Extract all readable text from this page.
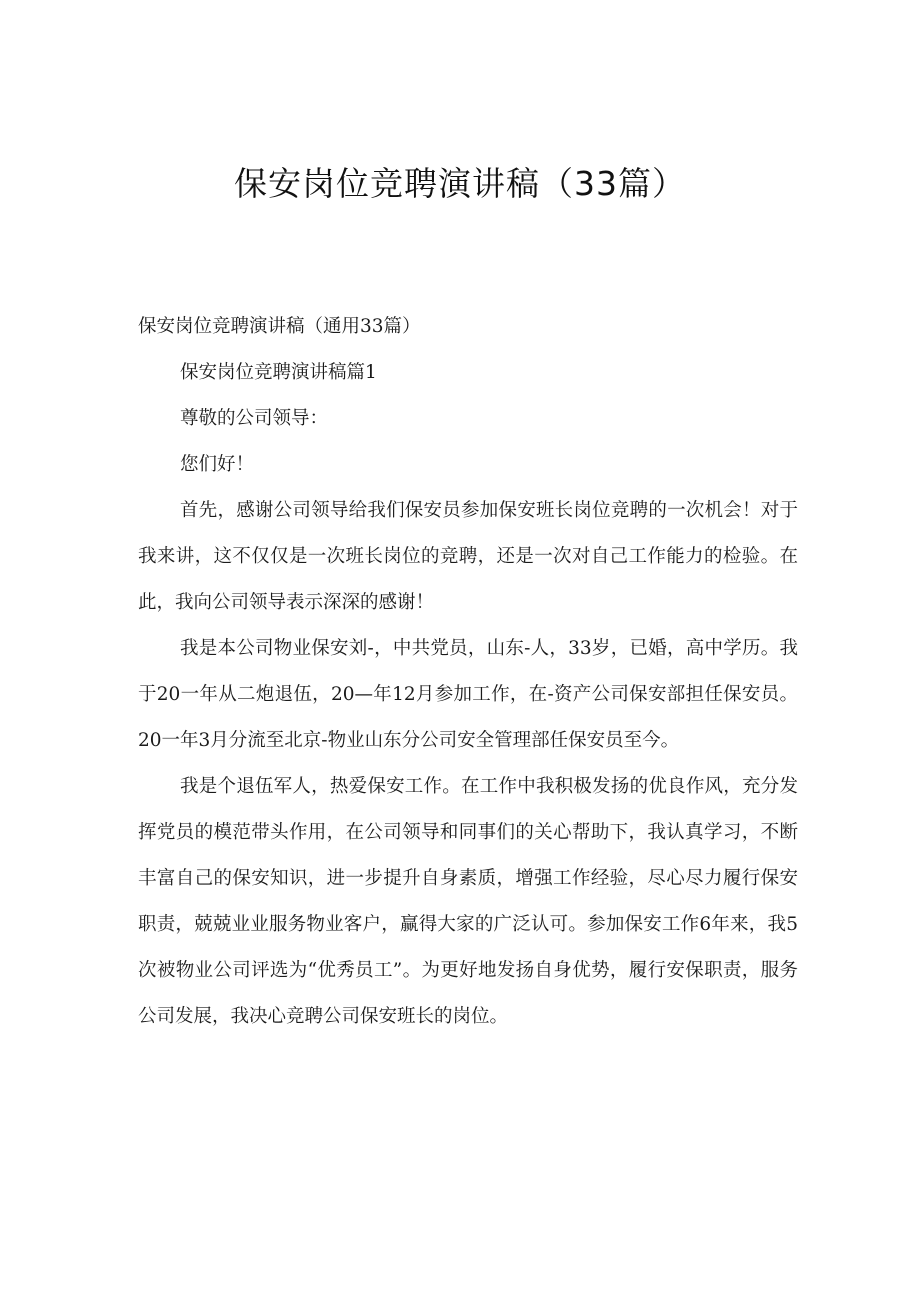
保安岗位竞聘演讲稿（33篇）

保安岗位竞聘演讲稿（通用33篇）

保安岗位竞聘演讲稿篇1

尊敬的公司领导：

您们好！

首先，感谢公司领导给我们保安员参加保安班长岗位竞聘的一次机会！对于我来讲，这不仅仅是一次班长岗位的竞聘，还是一次对自己工作能力的检验。在此，我向公司领导表示深深的感谢！

我是本公司物业保安刘-，中共党员，山东-人，33岁，已婚，高中学历。我于20一年从二炮退伍，20—年12月参加工作，在-资产公司保安部担任保安员。20一年3月分流至北京-物业山东分公司安全管理部任保安员至今。

我是个退伍军人，热爱保安工作。在工作中我积极发扬的优良作风，充分发挥党员的模范带头作用，在公司领导和同事们的关心帮助下，我认真学习，不断丰富自己的保安知识，进一步提升自身素质，增强工作经验，尽心尽力履行保安职责，兢兢业业服务物业客户，赢得大家的广泛认可。参加保安工作6年来，我5次被物业公司评选为“优秀员工”。为更好地发扬自身优势，履行安保职责，服务公司发展，我决心竞聘公司保安班长的岗位。
